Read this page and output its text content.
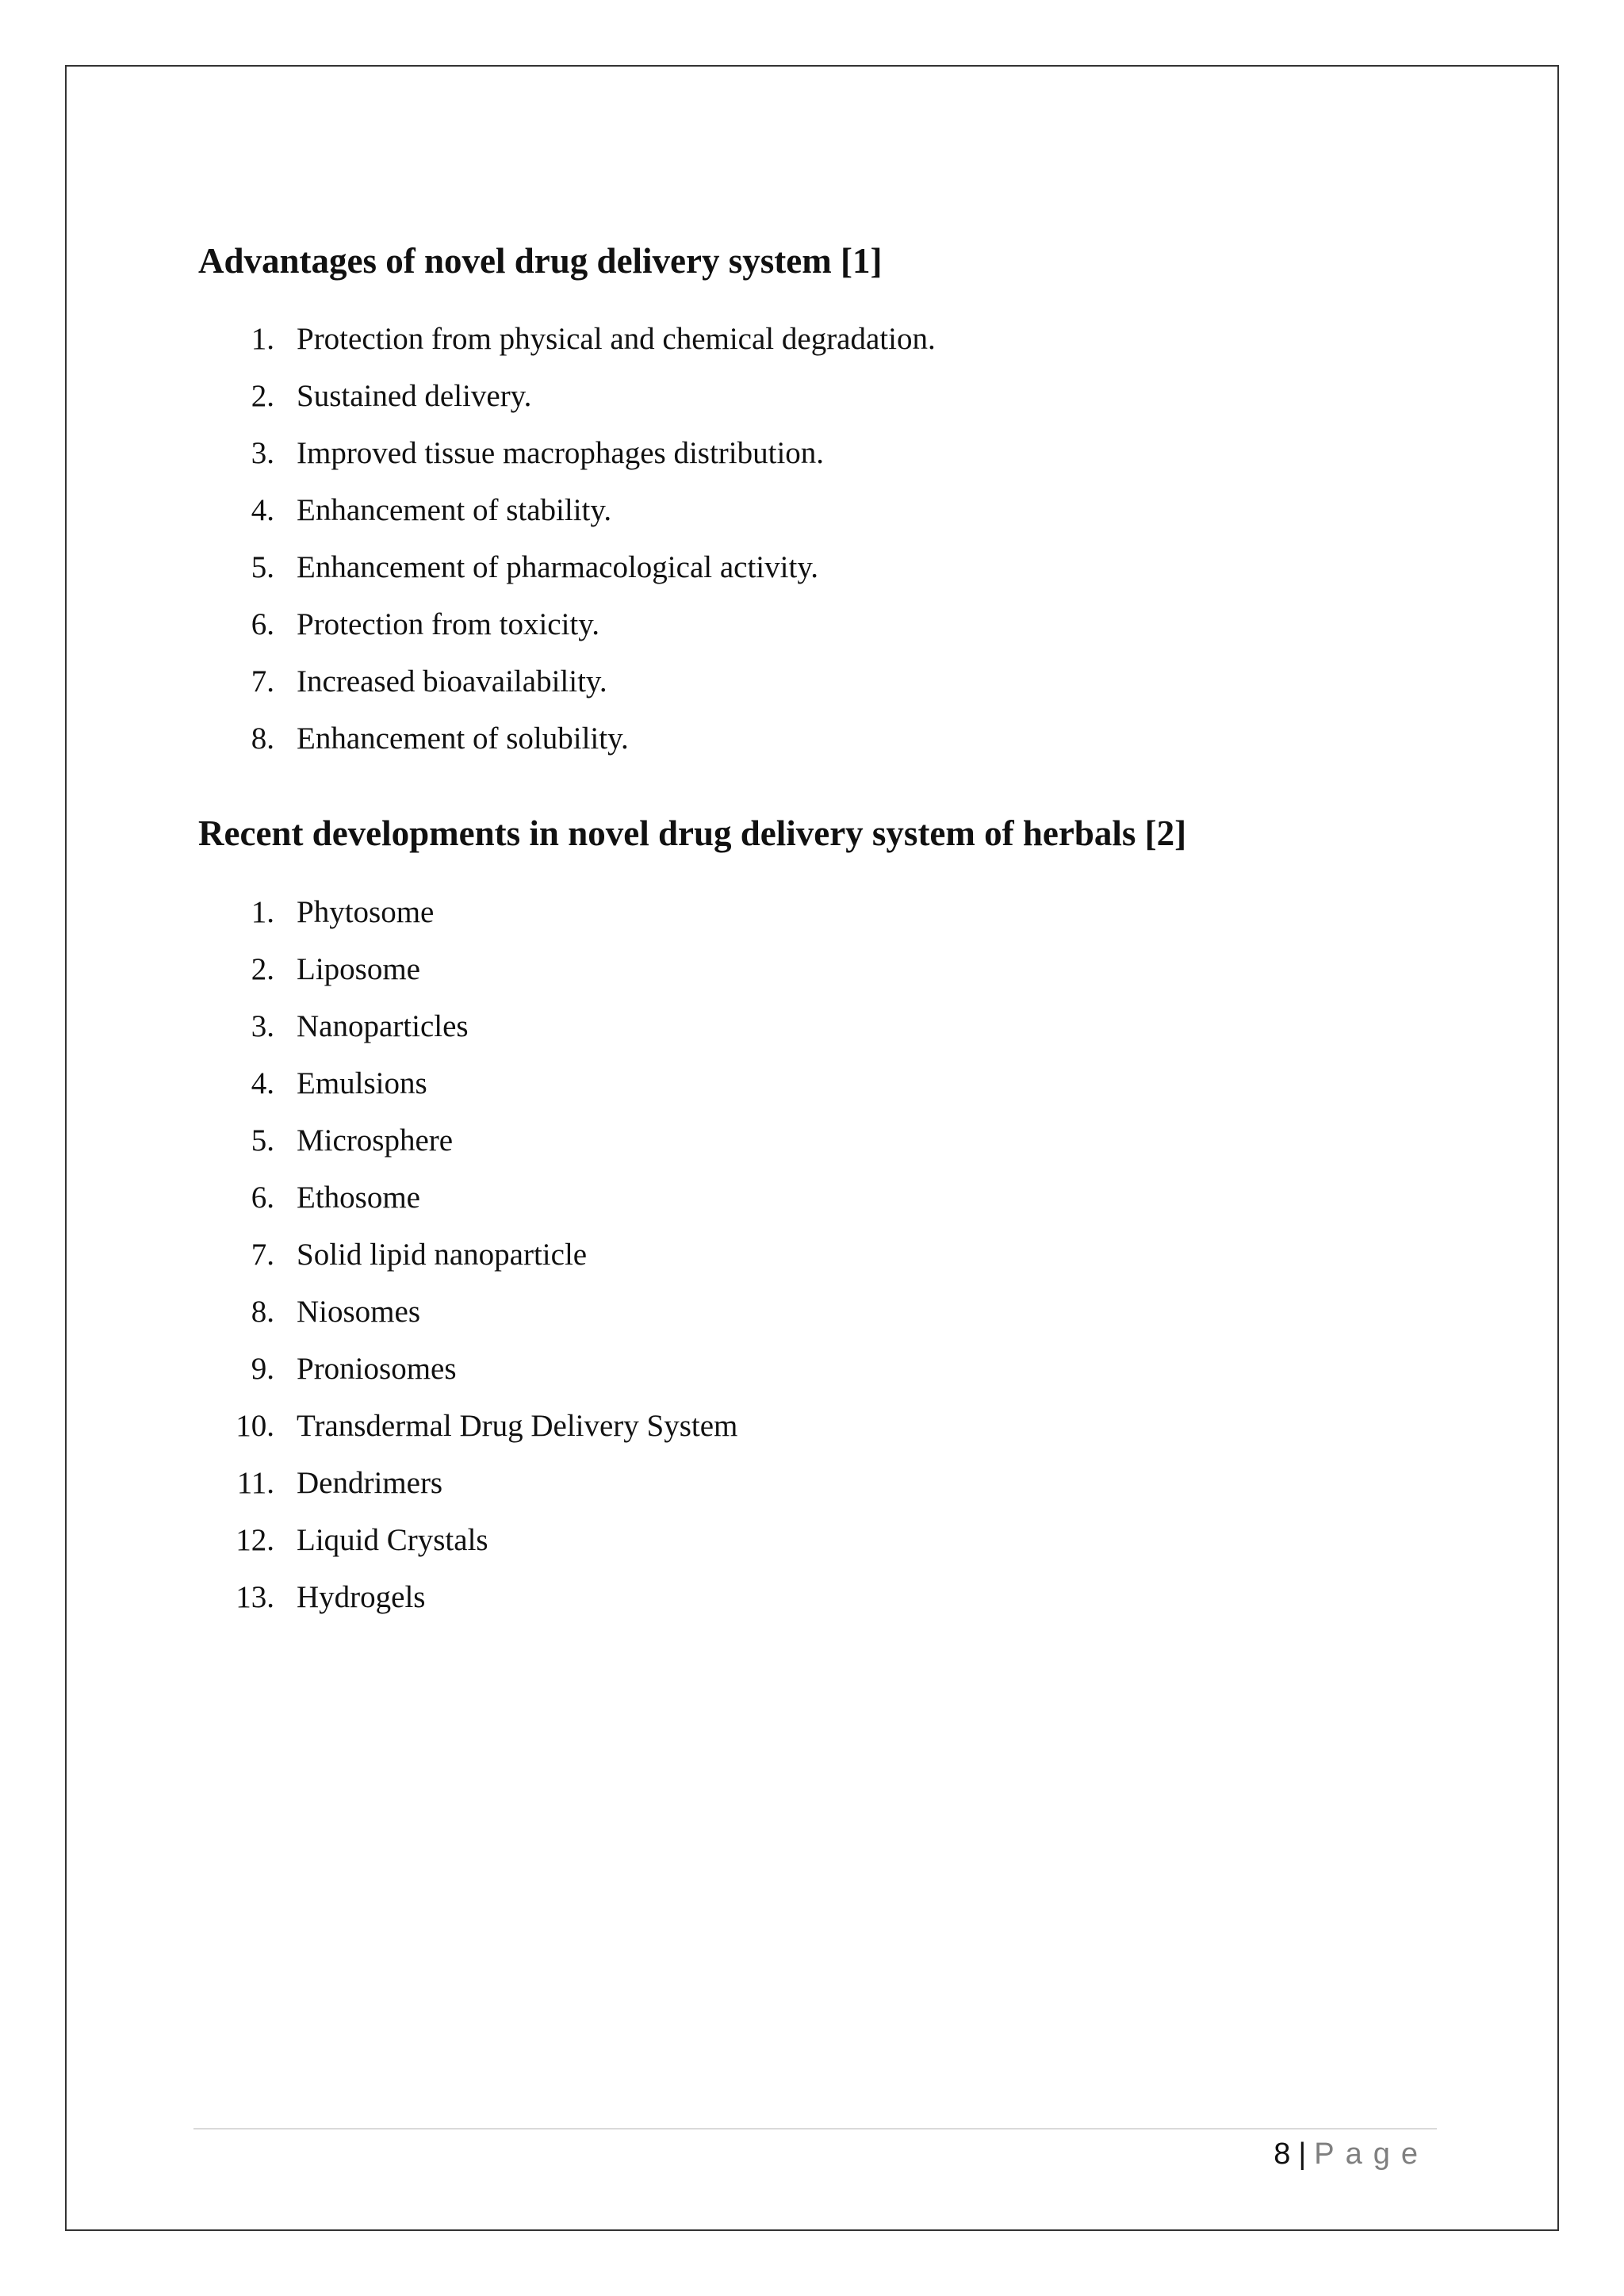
Advantages of novel drug delivery system [1]
1. Protection from physical and chemical degradation.
2. Sustained delivery.
3. Improved tissue macrophages distribution.
4. Enhancement of stability.
5. Enhancement of pharmacological activity.
6. Protection from toxicity.
7. Increased bioavailability.
8. Enhancement of solubility.
Recent developments in novel drug delivery system of herbals [2]
1. Phytosome
2. Liposome
3. Nanoparticles
4. Emulsions
5. Microsphere
6. Ethosome
7. Solid lipid nanoparticle
8. Niosomes
9. Proniosomes
10. Transdermal Drug Delivery System
11. Dendrimers
12. Liquid Crystals
13. Hydrogels
8 | Page
